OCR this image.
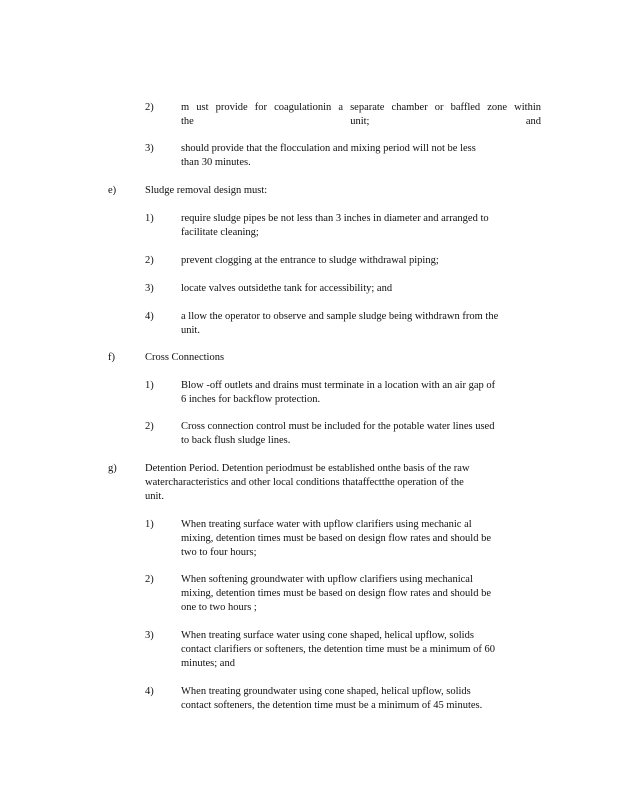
2)	m ust provide for coagulationin a separate chamber or baffled zone within
the unit; and
3)	should provide that the flocculation and mixing period will not be less
than 30 minutes.
e)	Sludge removal design must:
1)	require sludge pipes be not less than 3 inches in diameter and arranged to
facilitate cleaning;
2)	prevent clogging at the entrance to sludge withdrawal piping;
3)	locate valves outsidethe tank for accessibility; and
4)	a llow the operator to observe and sample sludge being withdrawn from the
unit.
f)	Cross Connections
1)	Blow -off outlets and drains must terminate in a location with an air gap of
6 inches for backflow protection.
2)	Cross connection control must be included for the potable water lines used
to back flush sludge lines.
g)	Detention Period. Detention periodmust be established onthe basis of the raw
watercharacteristics and other local conditions thataffectthe operation of the
unit.
1)	When treating surface water with upflow clarifiers using mechanic al
mixing, detention times must be based on design flow rates and should be
two to four hours;
2)	When softening groundwater with upflow clarifiers using mechanical
mixing, detention times must be based on design flow rates and should be
one to two hours ;
3)	When treating surface water using cone shaped, helical upflow, solids
contact clarifiers or softeners, the detention time must be a minimum of 60
minutes; and
4)	When treating groundwater using cone shaped, helical upflow, solids
contact softeners, the detention time must be a minimum of 45 minutes.
